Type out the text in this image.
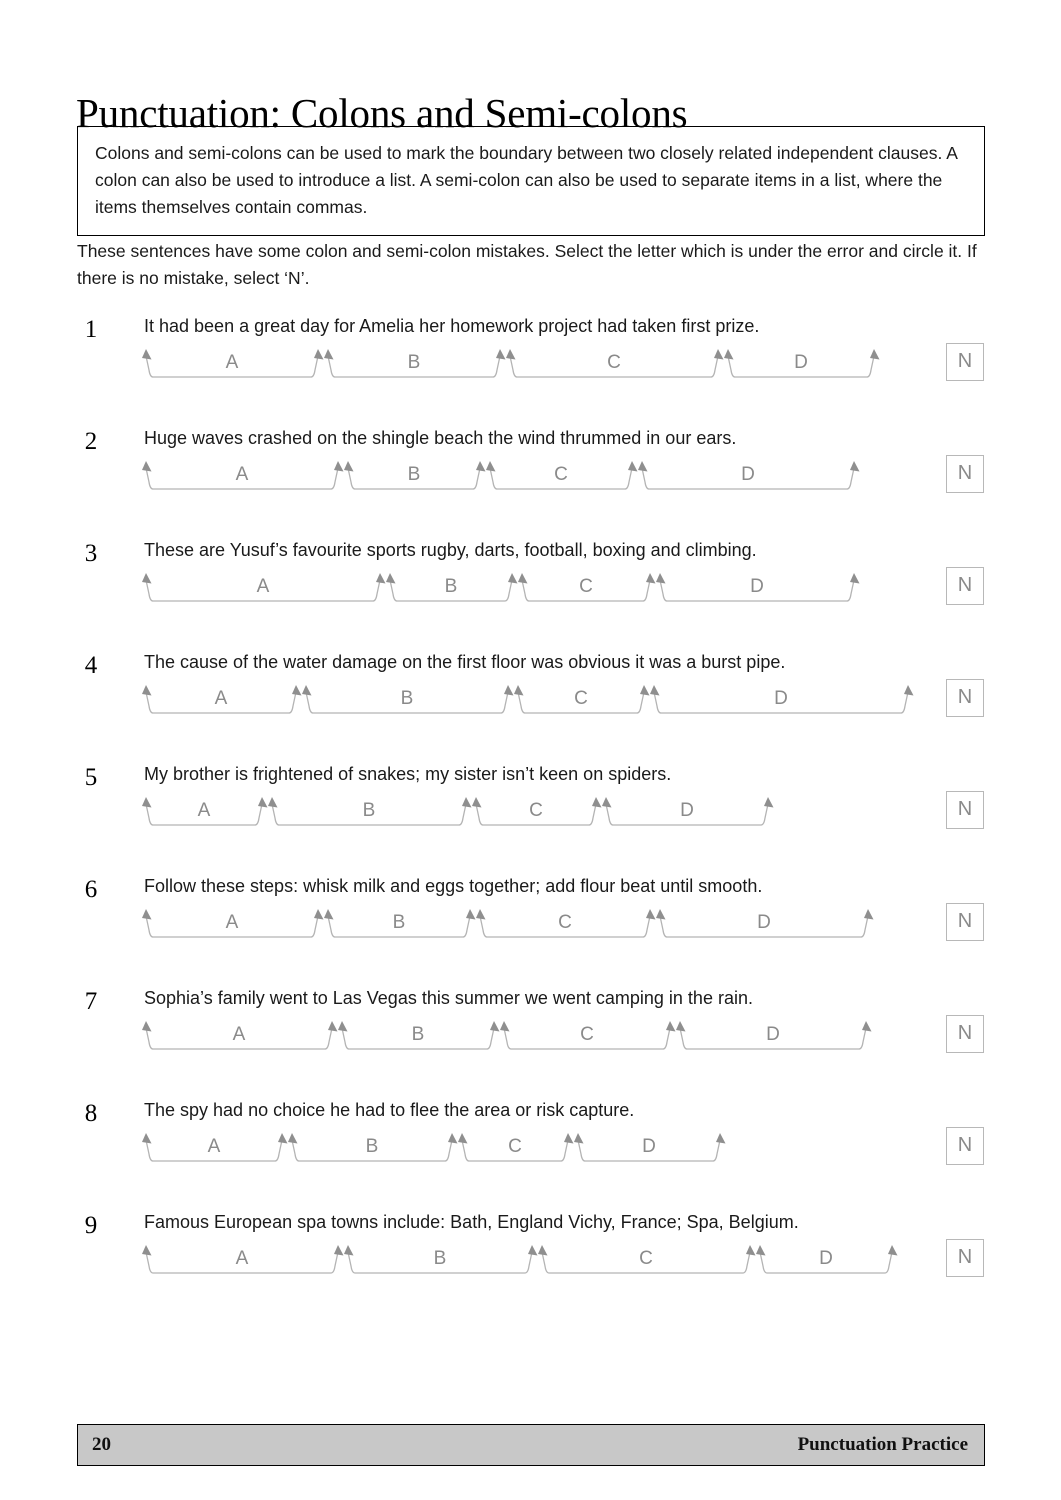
Punctuation: Colons and Semi-colons

Colons and semi-colons can be used to mark the boundary between two closely related independent clauses. A colon can also be used to introduce a list. A semi-colon can also be used to separate items in a list, where the items themselves contain commas.

These sentences have some colon and semi-colon mistakes. Select the letter which is under the error and circle it. If there is no mistake, select ‘N’.
1	It had been a great day for Amelia her homework project had taken first prize.
A	B	C	D	N
2	Huge waves crashed on the shingle beach the wind thrummed in our ears.
A	B	C	D	N
3	These are Yusuf’s favourite sports rugby, darts, football, boxing and climbing.
A	B	C	D	N
4	The cause of the water damage on the first floor was obvious it was a burst pipe.
A	B	C	D	N
5	My brother is frightened of snakes; my sister isn’t keen on spiders.
A	B	C	D	N
6	Follow these steps: whisk milk and eggs together; add flour beat until smooth.
A	B	C	D	N
7	Sophia’s family went to Las Vegas this summer we went camping in the rain.
A	B	C	D	N
8	The spy had no choice he had to flee the area or risk capture.
A	B	C	D	N
9	Famous European spa towns include: Bath, England Vichy, France; Spa, Belgium.
A	B	C	D	N
20	Punctuation Practice
